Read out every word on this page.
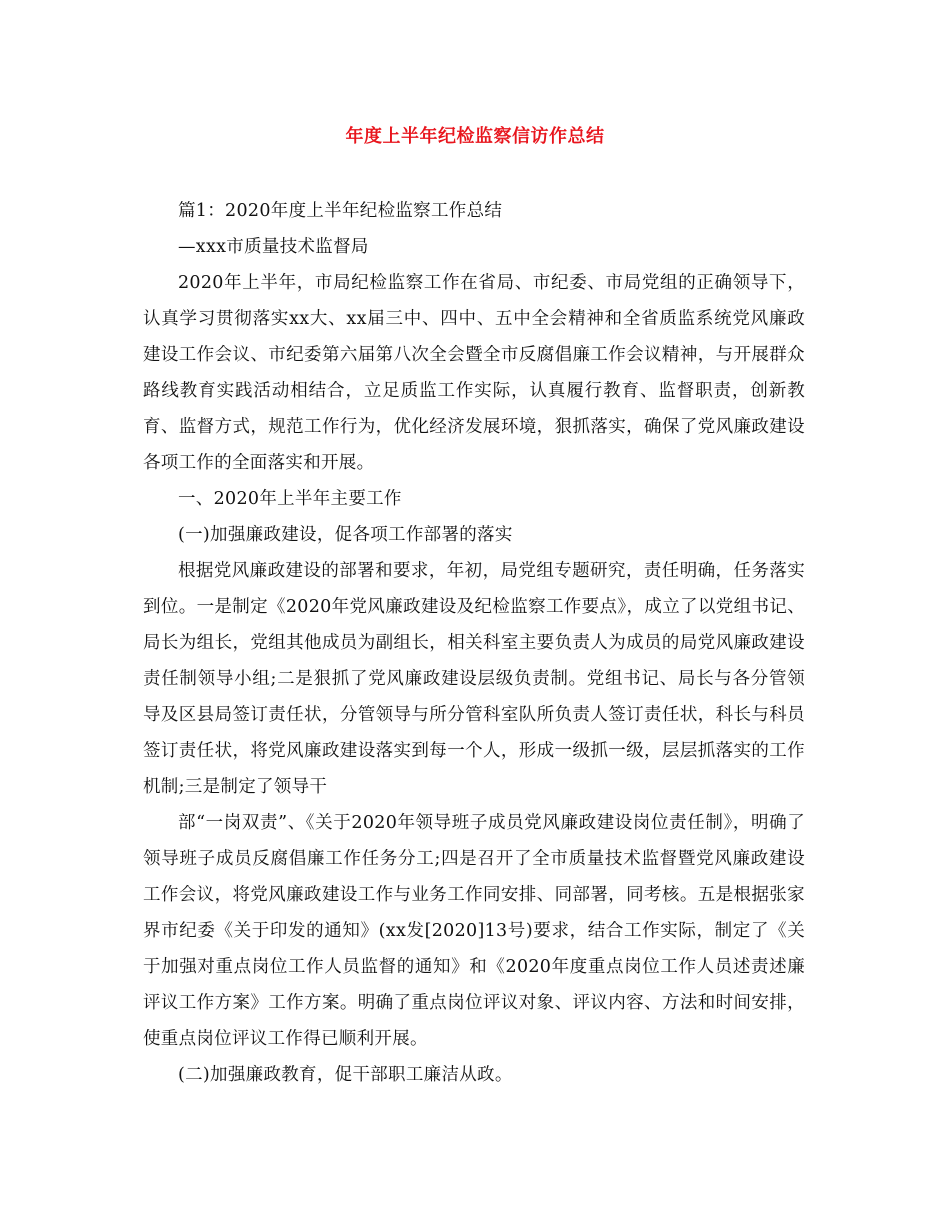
年度上半年纪检监察信访作总结

篇1：2020年度上半年纪检监察工作总结

—xxx市质量技术监督局

2020年上半年，市局纪检监察工作在省局、市纪委、市局党组的正确领导下，认真学习贯彻落实xx大、xx届三中、四中、五中全会精神和全省质监系统党风廉政建设工作会议、市纪委第六届第八次全会暨全市反腐倡廉工作会议精神，与开展群众路线教育实践活动相结合，立足质监工作实际，认真履行教育、监督职责，创新教育、监督方式，规范工作行为，优化经济发展环境，狠抓落实，确保了党风廉政建设各项工作的全面落实和开展。

一、2020年上半年主要工作

(一)加强廉政建设，促各项工作部署的落实

根据党风廉政建设的部署和要求，年初，局党组专题研究，责任明确，任务落实到位。一是制定《2020年党风廉政建设及纪检监察工作要点》，成立了以党组书记、局长为组长，党组其他成员为副组长，相关科室主要负责人为成员的局党风廉政建设责任制领导小组;二是狠抓了党风廉政建设层级负责制。党组书记、局长与各分管领导及区县局签订责任状，分管领导与所分管科室队所负责人签订责任状，科长与科员签订责任状，将党风廉政建设落实到每一个人，形成一级抓一级，层层抓落实的工作机制;三是制定了领导干

部“一岗双责”、《关于2020年领导班子成员党风廉政建设岗位责任制》，明确了领导班子成员反腐倡廉工作任务分工;四是召开了全市质量技术监督暨党风廉政建设工作会议，将党风廉政建设工作与业务工作同安排、同部署，同考核。五是根据张家界市纪委《关于印发的通知》(xx发[2020]13号)要求，结合工作实际，制定了《关于加强对重点岗位工作人员监督的通知》和《2020年度重点岗位工作人员述责述廉评议工作方案》工作方案。明确了重点岗位评议对象、评议内容、方法和时间安排，使重点岗位评议工作得已顺利开展。

(二)加强廉政教育，促干部职工廉洁从政。
